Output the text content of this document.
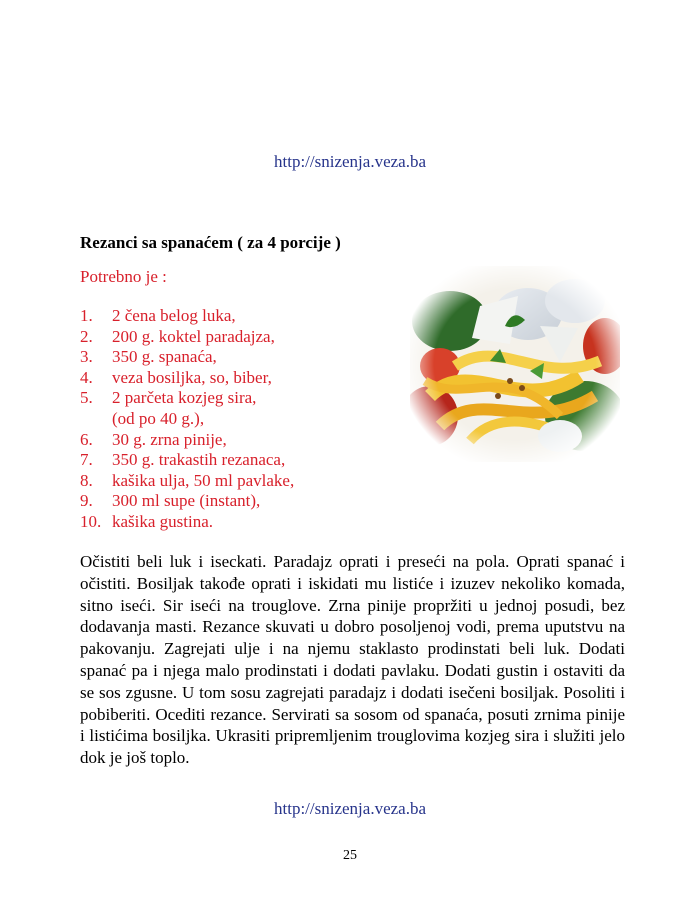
http://snizenja.veza.ba
Rezanci sa spanaćem ( za 4 porcije )
Potrebno je :
1. 2 čena belog luka,
2. 200 g. koktel paradajza,
3. 350 g. spanaća,
4. veza bosiljka, so, biber,
5. 2 parčeta kozjeg sira,
(od po 40 g.),
6. 30 g. zrna pinije,
7. 350 g. trakastih rezanaca,
8. kašika ulja, 50 ml pavlake,
9. 300 ml supe (instant),
10. kašika gustina.

Očistiti beli luk i iseckati. Paradajz oprati i preseći na pola. Oprati spanać i očistiti. Bosiljak takođe oprati i iskidati mu listiće i izuzev nekoliko komada, sitno iseći. Sir iseći na trouglove. Zrna pinije propržiti u jednoj posudi, bez dodavanja masti. Rezance skuvati u dobro posoljenoj vodi, prema uputstvu na pakovanju. Zagrejati ulje i na njemu staklasto prodinstati beli luk. Dodati spanać pa i njega malo prodinstati i dodati pavlaku. Dodati gustin i ostaviti da se sos zgusne. U tom sosu zagrejati paradajz i dodati isečeni bosiljak. Posoliti i pobiberiti. Ocediti rezance. Servirati sa sosom od spanaća, posuti zrnima pinije i listićima bosiljka. Ukrasiti pripremljenim trouglovima kozjeg sira i služiti jelo dok je još toplo.

http://snizenja.veza.ba
25
